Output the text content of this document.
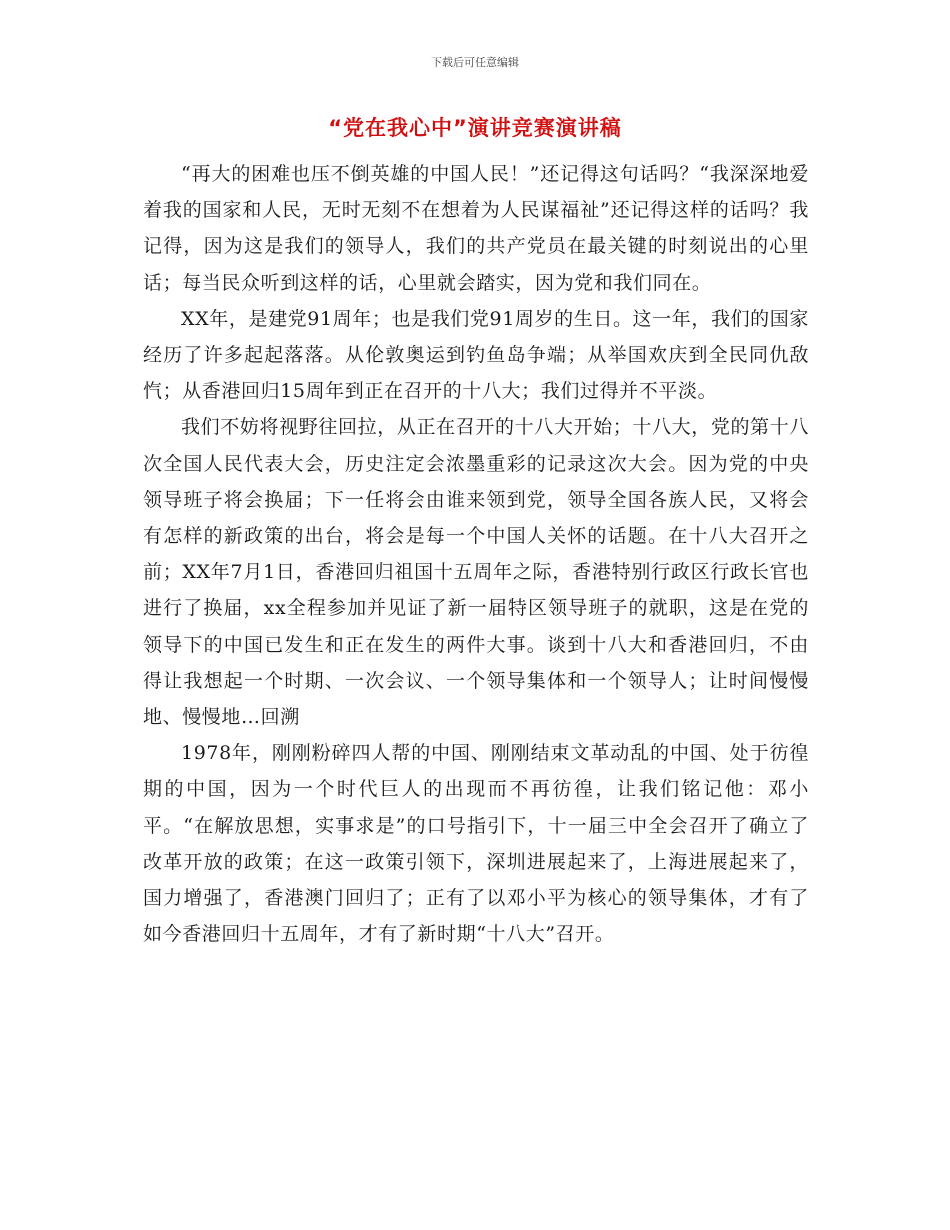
下载后可任意编辑
“党在我心中”演讲竞赛演讲稿

“再大的困难也压不倒英雄的中国人民！”还记得这句话吗？“我深深地爱着我的国家和人民，无时无刻不在想着为人民谋福祉”还记得这样的话吗？我记得，因为这是我们的领导人，我们的共产党员在最关键的时刻说出的心里话；每当民众听到这样的话，心里就会踏实，因为党和我们同在。

XX年，是建党91周年；也是我们党91周岁的生日。这一年，我们的国家经历了许多起起落落。从伦敦奥运到钓鱼岛争端；从举国欢庆到全民同仇敌忾；从香港回归15周年到正在召开的十八大；我们过得并不平淡。

我们不妨将视野往回拉，从正在召开的十八大开始；十八大，党的第十八次全国人民代表大会，历史注定会浓墨重彩的记录这次大会。因为党的中央领导班子将会换届；下一任将会由谁来领到党，领导全国各族人民，又将会有怎样的新政策的出台，将会是每一个中国人关怀的话题。在十八大召开之前；XX年7月1日，香港回归祖国十五周年之际，香港特别行政区行政长官也进行了换届，xx全程参加并见证了新一届特区领导班子的就职，这是在党的领导下的中国已发生和正在发生的两件大事。谈到十八大和香港回归，不由得让我想起一个时期、一次会议、一个领导集体和一个领导人；让时间慢慢地、慢慢地…回溯

1978年，刚刚粉碎四人帮的中国、刚刚结束文革动乱的中国、处于彷徨期的中国，因为一个时代巨人的出现而不再彷徨，让我们铭记他：邓小平。“在解放思想，实事求是”的口号指引下，十一届三中全会召开了确立了改革开放的政策；在这一政策引领下，深圳进展起来了，上海进展起来了，国力增强了，香港澳门回归了；正有了以邓小平为核心的领导集体，才有了如今香港回归十五周年，才有了新时期“十八大”召开。
